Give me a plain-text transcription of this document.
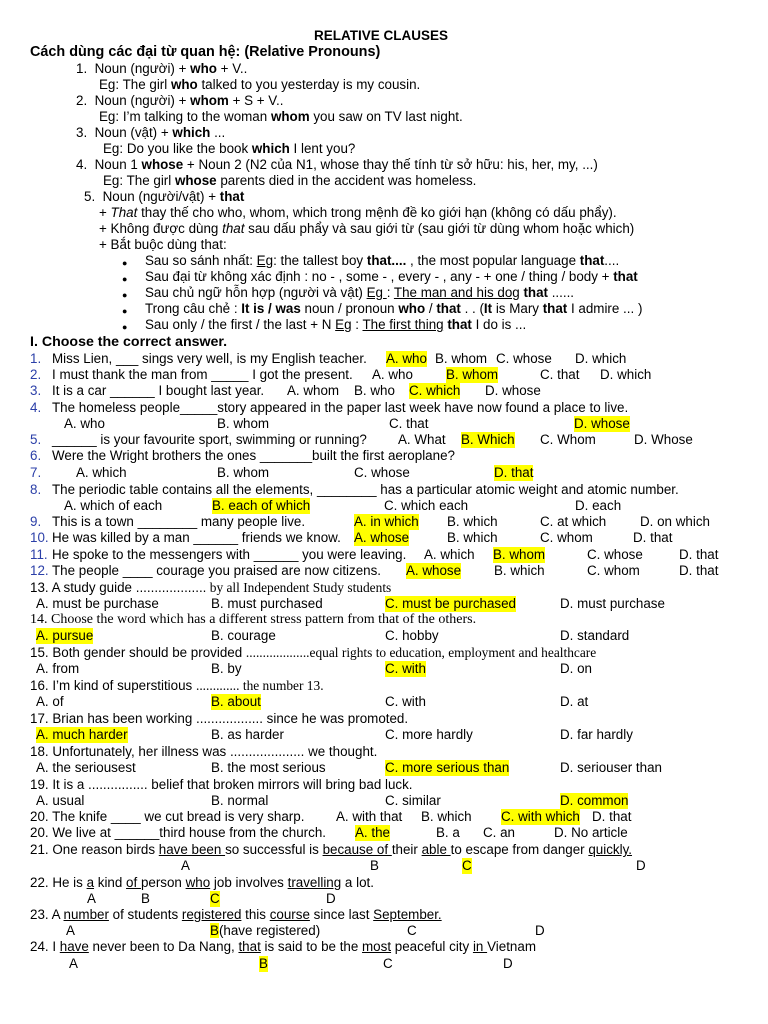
RELATIVE CLAUSES
Cách dùng các đại từ quan hệ: (Relative Pronouns)
1. Noun (người) + who + V..
Eg: The girl who talked to you yesterday is my cousin.
2. Noun (người) + whom + S + V..
Eg: I’m talking to the woman whom you saw on TV last night.
3. Noun (vật) + which ...
Eg: Do you like the book which I lent you?
4. Noun 1 whose + Noun 2 (N2 của N1, whose thay thế tính từ sở hữu: his, her, my, ...)
Eg: The girl whose parents died in the accident was homeless.
5. Noun (người/vật) + that
+ That thay thế cho who, whom, which trong mệnh đề ko giới hạn (không có dấu phẩy).
+ Không được dùng that sau dấu phẩy và sau giới từ (sau giới từ dùng whom hoặc which)
+ Bắt buộc dùng that:
● Sau so sánh nhất: Eg: the tallest boy that.... , the most popular language that....
● Sau đại từ không xác định : no - , some - , every - , any - + one / thing / body + that
● Sau chủ ngữ hỗn hợp (người và vật) Eg : The man and his dog that ......
● Trong câu chẻ : It is / was noun / pronoun who / that . . (It is Mary that I admire ... )
● Sau only / the first / the last + N Eg : The first thing that I do is ...
I. Choose the correct answer.
1. Miss Lien, ___ sings very well, is my English teacher. A. who B. whom C. whose D. which
2. I must thank the man from _____ I got the present. A. who B. whom	C. that D. which
3. It is a car ______ I bought last year. A. whom B. who C. which D. whose
4. The homeless people_____story appeared in the paper last week have now found a place to live.
A. who	B. whom	C. that	D. whose
5. ______ is your favourite sport, swimming or running? A. What B. Which C. Whom	D. Whose
6. Were the Wright brothers the ones _______built the first aeroplane?
7.	A. which	B. whom	C. whose	D. that
8. The periodic table contains all the elements, ________ has a particular atomic weight and atomic number.
A. which of each	B. each of which	C. which each	D. each
9. This is a town ________ many people live.	A. in which B. which	C. at which	D. on which
10. He was killed by a man ______ friends we know. A. whose	B. which	C. whom	D. that
11. He spoke to the messengers with ______ you were leaving. A. which B. whom	C. whose	D. that
12. The people ____ courage you praised are now citizens. A. whose B. which	C. whom	D. that
13. A study guide ................... by all Independent Study students
A. must be purchase	B. must purchased	C. must be purchased	D. must purchase
14. Choose the word which has a different stress pattern from that of the others.
A. pursue	B. courage	C. hobby	D. standard
15. Both gender should be provided ...................equal rights to education, employment and healthcare
A. from	B. by	C. with	D. on
16. I’m kind of superstitious ............. the number 13.
A. of	B. about	C. with	D. at
17. Brian has been working .................. since he was promoted.
A. much harder	B. as harder	C. more hardly	D. far hardly
18. Unfortunately, her illness was .................... we thought.
A. the seriousest	B. the most serious	C. more serious than	D. seriouser than
19. It is a ................ belief that broken mirrors will bring bad luck.
A. usual	B. normal	C. similar	D. common
20. The knife ____ we cut bread is very sharp. A. with that B. which C. with which D. that
20. We live at ______third house from the church. A. the	B. a C. an	D. No article
21. One reason birds have been so successful is because of their able to escape from danger quickly.
A	B	C	D
22. He is a kind of person who job involves travelling a lot.
A	B	C	D
23. A number of students registered this course since last September.
A	B(have registered)	C	D
24. I have never been to Da Nang, that is said to be the most peaceful city in Vietnam
A	B	C	D
